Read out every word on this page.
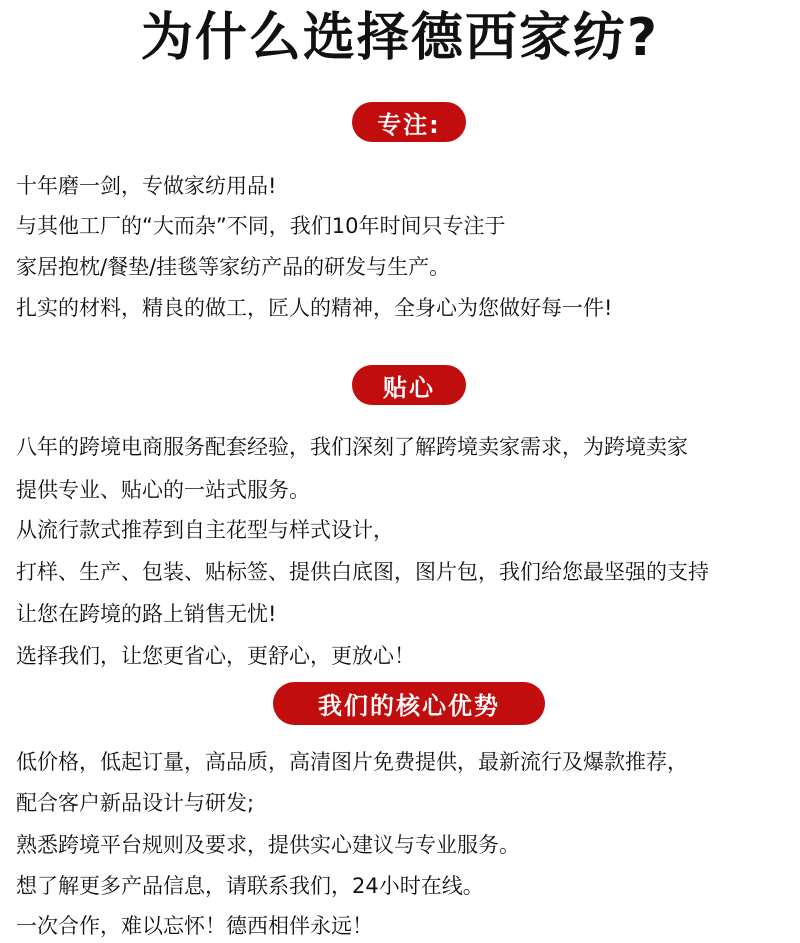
为什么选择德西家纺?
专注:
十年磨一剑，专做家纺用品!
与其他工厂的“大而杂”不同，我们10年时间只专注于
家居抱枕/餐垫/挂毯等家纺产品的研发与生产。
扎实的材料，精良的做工，匠人的精神，全身心为您做好每一件!
贴心
八年的跨境电商服务配套经验，我们深刻了解跨境卖家需求，为跨境卖家
提供专业、贴心的一站式服务。
从流行款式推荐到自主花型与样式设计，
打样、生产、包装、贴标签、提供白底图，图片包，我们给您最坚强的支持
让您在跨境的路上销售无忧!
选择我们，让您更省心，更舒心，更放心！
我们的核心优势
低价格，低起订量，高品质，高清图片免费提供，最新流行及爆款推荐，
配合客户新品设计与研发;
熟悉跨境平台规则及要求，提供实心建议与专业服务。
想了解更多产品信息，请联系我们，24小时在线。
一次合作，难以忘怀！德西相伴永远！
